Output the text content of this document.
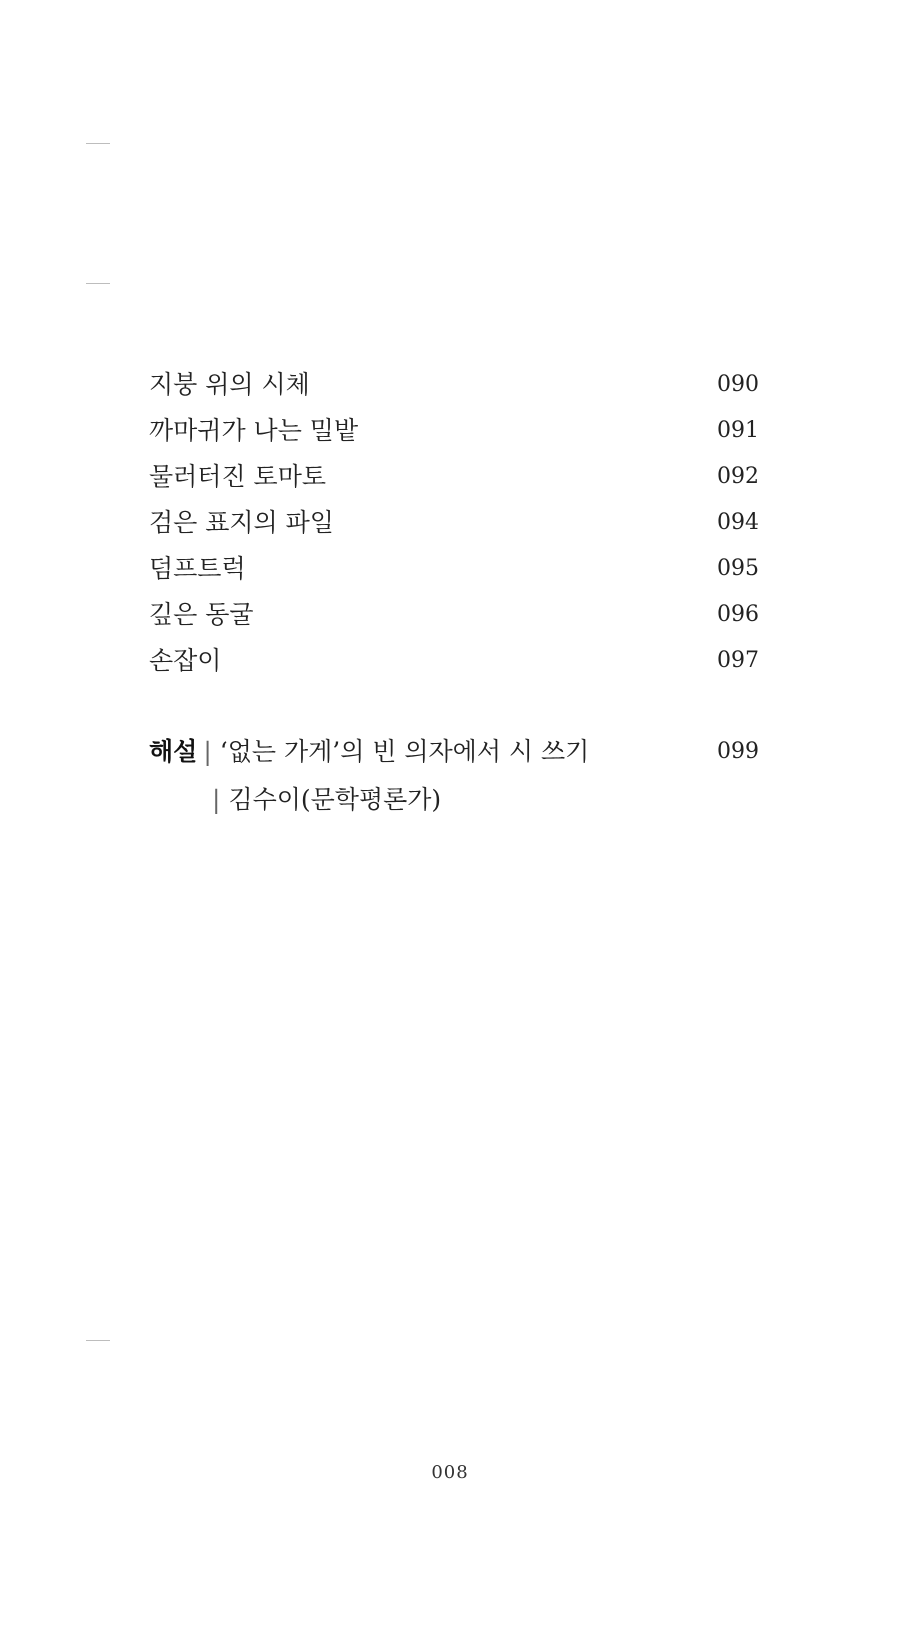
지붕 위의 시체	090
까마귀가 나는 밀밭	091
물러터진 토마토	092
검은 표지의 파일	094
덤프트럭	095
깊은 동굴	096
손잡이	097
해설 | ‘없는 가게’의 빈 의자에서 시 쓰기	099
| 김수이(문학평론가)
008
